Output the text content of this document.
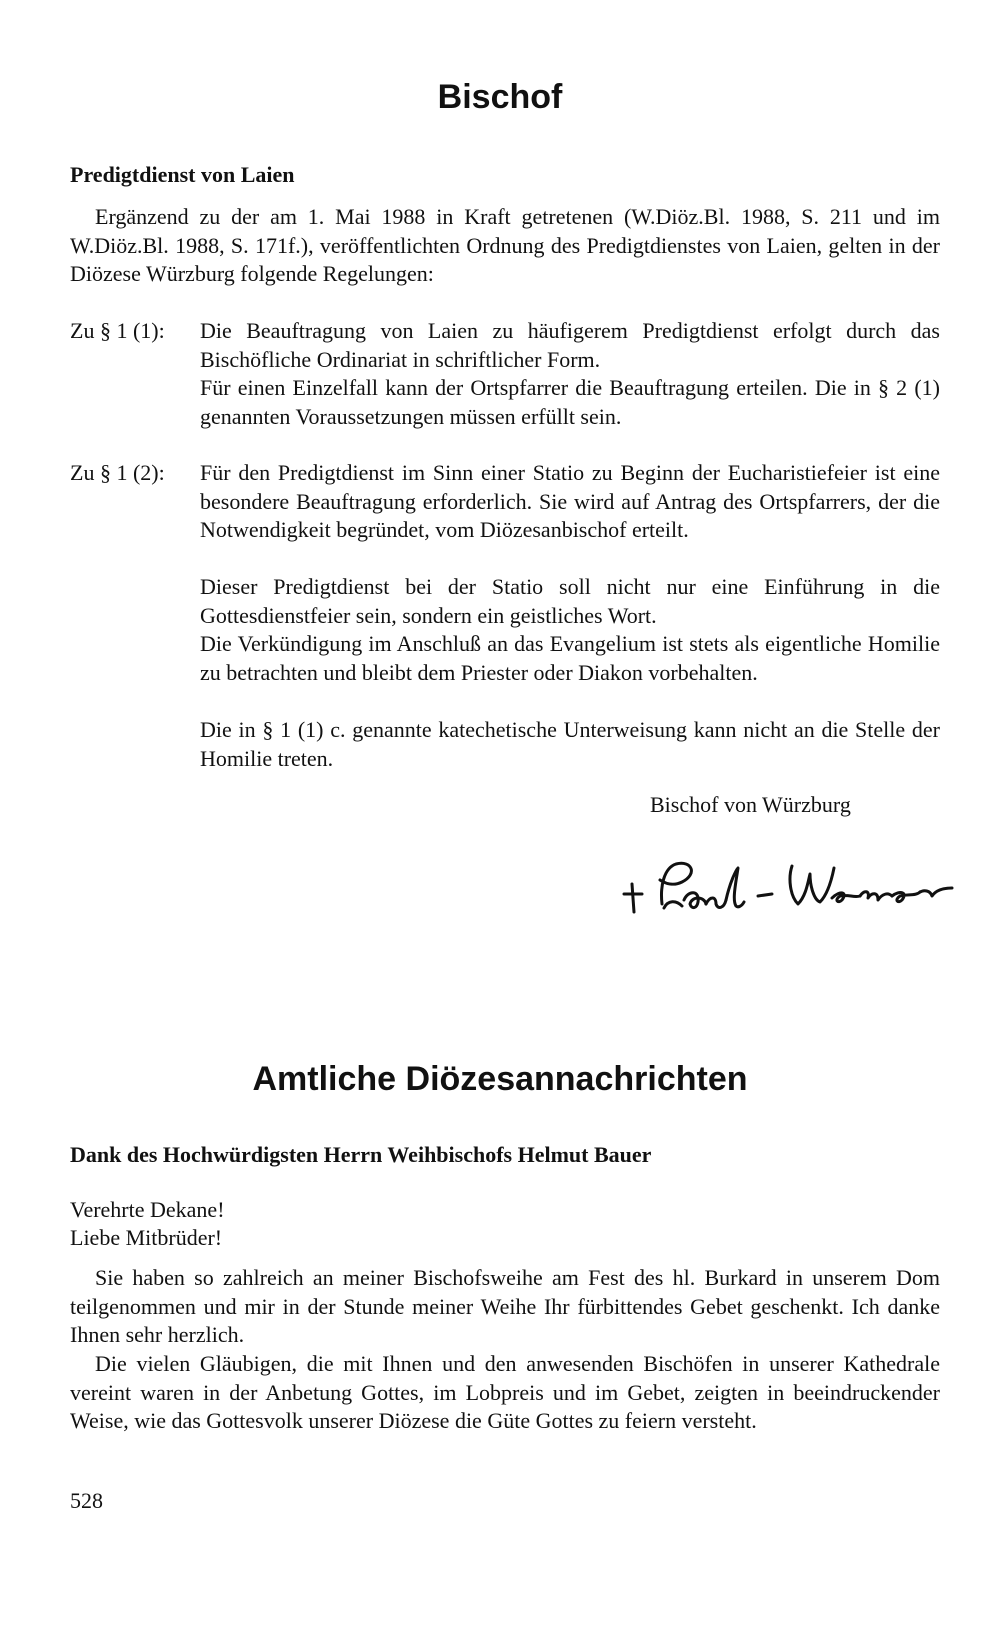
Bischof
Predigtdienst von Laien

Ergänzend zu der am 1. Mai 1988 in Kraft getretenen (W.Diöz.Bl. 1988, S. 211 und im W.Diöz.Bl. 1988, S. 171f.), veröffentlichten Ordnung des Predigtdienstes von Laien, gelten in der Diözese Würzburg folgende Regelungen:

Zu § 1 (1): Die Beauftragung von Laien zu häufigerem Predigtdienst erfolgt durch das Bischöfliche Ordinariat in schriftlicher Form.

Für einen Einzelfall kann der Ortspfarrer die Beauftragung erteilen. Die in § 2 (1) genannten Voraussetzungen müssen erfüllt sein.

Zu § 1 (2): Für den Predigtdienst im Sinn einer Statio zu Beginn der Eucharistiefeier ist eine besondere Beauftragung erforderlich. Sie wird auf Antrag des Ortspfarrers, der die Notwendigkeit begründet, vom Diözesanbischof erteilt.

Dieser Predigtdienst bei der Statio soll nicht nur eine Einführung in die Gottesdienstfeier sein, sondern ein geistliches Wort.

Die Verkündigung im Anschluß an das Evangelium ist stets als eigentliche Homilie zu betrachten und bleibt dem Priester oder Diakon vorbehalten.

Die in § 1 (1) c. genannte katechetische Unterweisung kann nicht an die Stelle der Homilie treten.

Bischof von Würzburg
Amtliche Diözesannachrichten
Dank des Hochwürdigsten Herrn Weihbischofs Helmut Bauer
Verehrte Dekane!
Liebe Mitbrüder!

Sie haben so zahlreich an meiner Bischofsweihe am Fest des hl. Burkard in unserem Dom teilgenommen und mir in der Stunde meiner Weihe Ihr fürbittendes Gebet geschenkt. Ich danke Ihnen sehr herzlich.

Die vielen Gläubigen, die mit Ihnen und den anwesenden Bischöfen in unserer Kathedrale vereint waren in der Anbetung Gottes, im Lobpreis und im Gebet, zeigten in beeindruckender Weise, wie das Gottesvolk unserer Diözese die Güte Gottes zu feiern versteht.

528
